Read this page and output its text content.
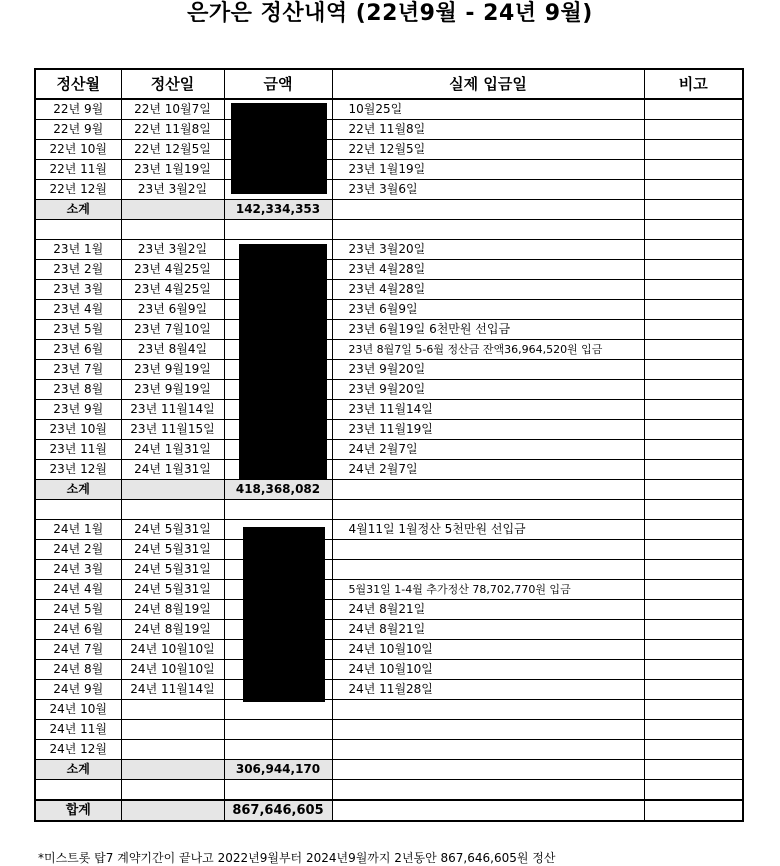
은가은 정산내역 (22년9월 - 24년 9월)
정산월	정산일	금액	실제 입금일	비고
22년 9월	22년 10월7일		10월25일	
22년 9월	22년 11월8일		22년 11월8일	
22년 10월	22년 12월5일		22년 12월5일	
22년 11월	23년 1월19일		23년 1월19일	
22년 12월	23년 3월2일		23년 3월6일	
소계		142,334,353		

23년 1월	23년 3월2일		23년 3월20일	
23년 2월	23년 4월25일		23년 4월28일	
23년 3월	23년 4월25일		23년 4월28일	
23년 4월	23년 6월9일		23년 6월9일	
23년 5월	23년 7월10일		23년 6월19일 6천만원 선입금	
23년 6월	23년 8월4일		23년 8월7일 5-6월 정산금 잔액36,964,520원 입금	
23년 7월	23년 9월19일		23년 9월20일	
23년 8월	23년 9월19일		23년 9월20일	
23년 9월	23년 11월14일		23년 11월14일	
23년 10월	23년 11월15일		23년 11월19일	
23년 11월	24년 1월31일		24년 2월7일	
23년 12월	24년 1월31일		24년 2월7일	
소계		418,368,082		

24년 1월	24년 5월31일		4월11일 1월정산 5천만원 선입금	
24년 2월	24년 5월31일			
24년 3월	24년 5월31일			
24년 4월	24년 5월31일		5월31일 1-4월 추가정산 78,702,770원 입금	
24년 5월	24년 8월19일		24년 8월21일	
24년 6월	24년 8월19일		24년 8월21일	
24년 7월	24년 10월10일		24년 10월10일	
24년 8월	24년 10월10일		24년 10월10일	
24년 9월	24년 11월14일		24년 11월28일	
24년 10월				
24년 11월				
24년 12월				
소계		306,944,170		

합계		867,646,605		
*미스트롯 탑7 계약기간이 끝나고 2022년9월부터 2024년9월까지 2년동안 867,646,605원 정산
